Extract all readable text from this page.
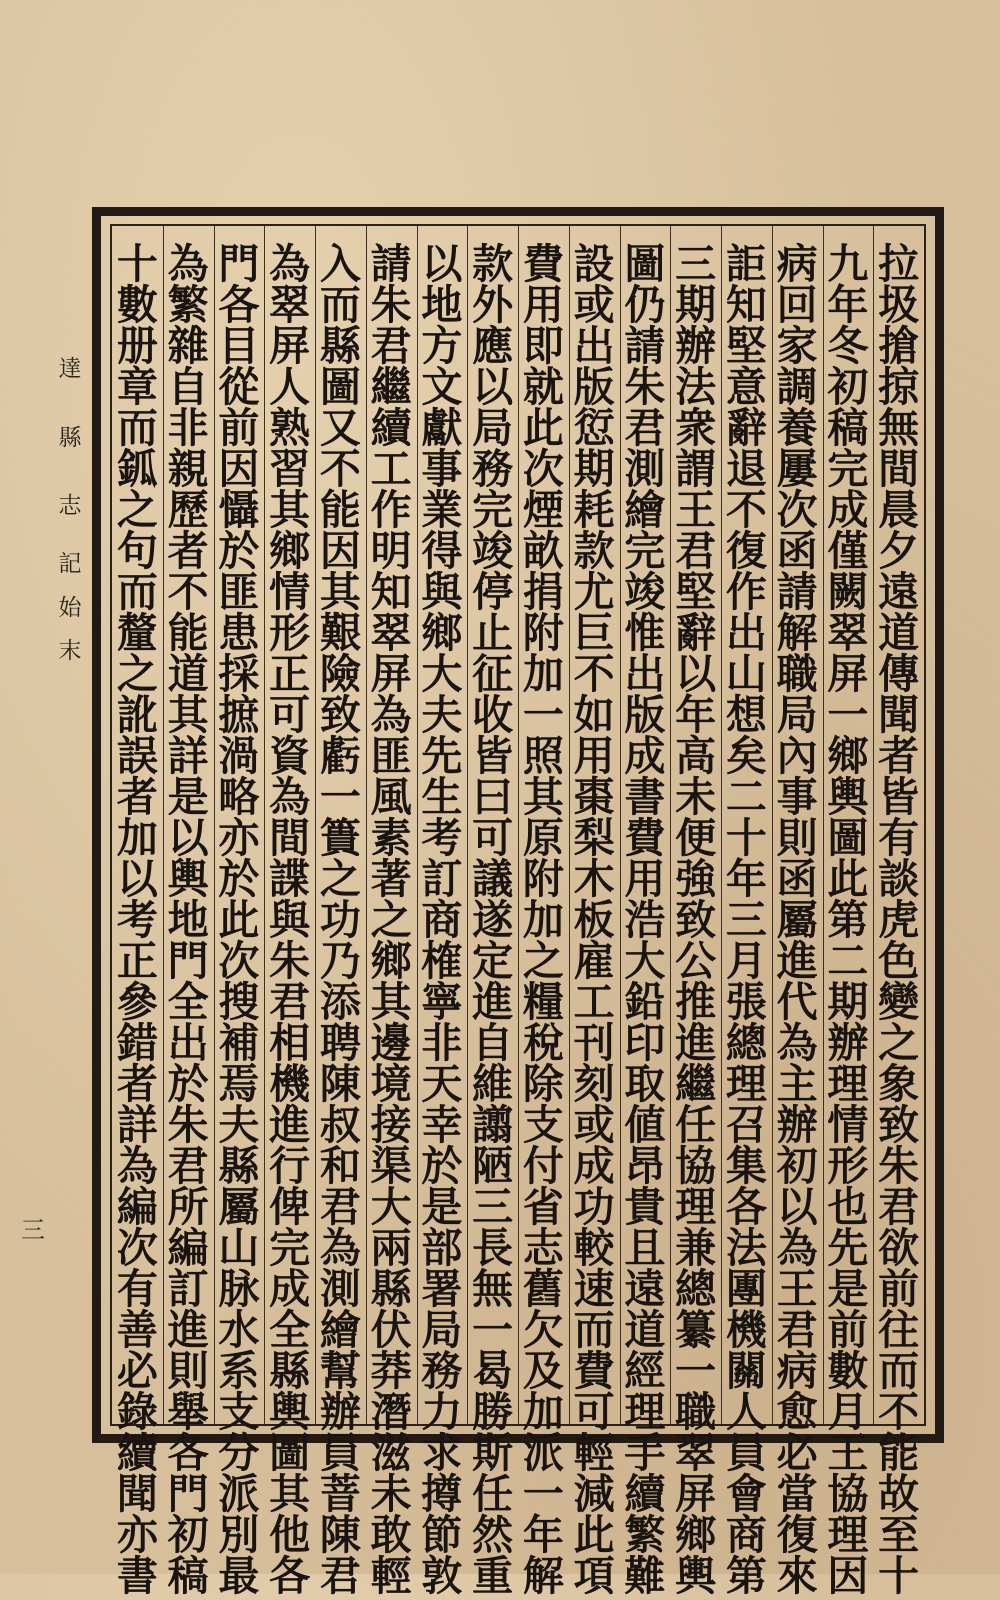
達
縣
志
記
始
末
三
拉
圾
搶
掠
無
間
晨
夕
遠
道
傳
聞
者
皆
有
談
虎
色
變
之
象
致
朱
君
欲
前
往
而
不
能
故
至
十
九
年
冬
初
稿
完
成
僅
闕
翠
屏
一
鄉
輿
圖
此
第
二
期
辦
理
情
形
也
先
是
前
數
月
王
協
理
因
病
回
家
調
養
屢
次
函
請
解
職
局
內
事
則
函
屬
進
代
為
主
辦
初
以
為
王
君
病
愈
必
當
復
來
詎
知
堅
意
辭
退
不
復
作
出
山
想
矣
二
十
年
三
月
張
總
理
召
集
各
法
團
機
關
人
員
會
商
第
三
期
辦
法
衆
謂
王
君
堅
辭
以
年
高
未
便
強
致
公
推
進
繼
任
協
理
兼
總
纂
一
職
翠
屏
鄉
輿
圖
仍
請
朱
君
測
繪
完
竣
惟
出
版
成
書
費
用
浩
大
鉛
印
取
値
昂
貴
且
遠
道
經
理
手
續
繁
難
設
或
出
版
愆
期
耗
款
尤
巨
不
如
用
棗
梨
木
板
雇
工
刊
刻
或
成
功
較
速
而
費
可
輕
減
此
項
費
用
即
就
此
次
煙
畝
捐
附
加
一
照
其
原
附
加
之
糧
稅
除
支
付
省
志
舊
欠
及
加
派
一
年
解
款
外
應
以
局
務
完
竣
停
止
征
收
皆
曰
可
議
遂
定
進
自
維
譾
陋
三
長
無
一
曷
勝
斯
任
然
重
以
地
方
文
獻
事
業
得
與
鄉
大
夫
先
生
考
訂
商
榷
寧
非
天
幸
於
是
部
署
局
務
力
求
撙
節
敦
請
朱
君
繼
續
工
作
明
知
翠
屏
為
匪
風
素
著
之
鄉
其
邊
境
接
渠
大
兩
縣
伏
莽
潛
滋
未
敢
輕
入
而
縣
圖
又
不
能
因
其
艱
險
致
虧
一
簣
之
功
乃
添
聘
陳
叔
和
君
為
測
繪
幫
辦
員
萻
陳
君
為
翠
屏
人
熟
習
其
鄉
情
形
正
可
資
為
間
諜
與
朱
君
相
機
進
行
俾
完
成
全
縣
輿
圖
其
他
各
門
各
目
從
前
因
懾
於
匪
患
採
摭
渦
略
亦
於
此
次
搜
補
焉
夫
縣
屬
山
脉
水
系
支
分
派
別
最
為
繁
雜
自
非
親
歷
者
不
能
道
其
詳
是
以
輿
地
門
全
出
於
朱
君
所
編
訂
進
則
舉
各
門
初
稿
十
數
册
章
而
鈲
之
句
而
釐
之
訛
誤
者
加
以
考
正
參
錯
者
詳
為
編
次
有
善
必
錄
續
聞
亦
書
